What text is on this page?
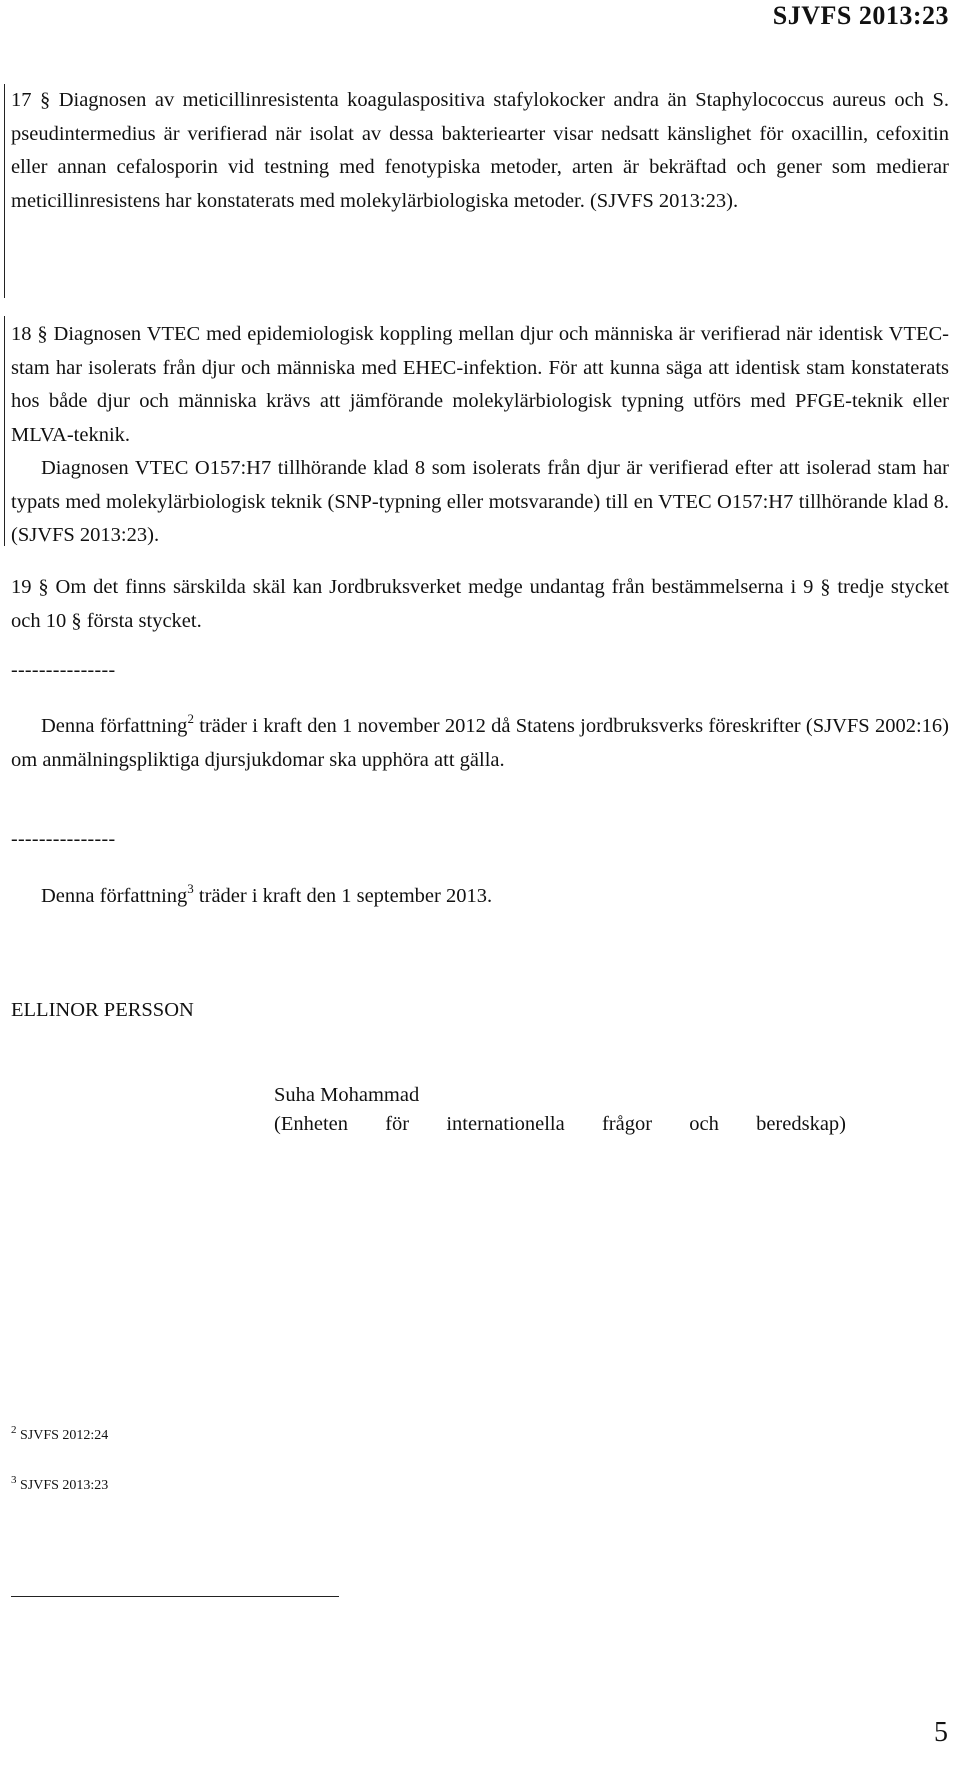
SJVFS 2013:23

17 § Diagnosen av meticillinresistenta koagulaspositiva stafylokocker andra än Staphylococcus aureus och S. pseudintermedius är verifierad när isolat av dessa bakteriearter visar nedsatt känslighet för oxacillin, cefoxitin eller annan cefalosporin vid testning med fenotypiska metoder, arten är bekräftad och gener som medierar meticillinresistens har konstaterats med molekylärbiologiska metoder. (SJVFS 2013:23).

18 § Diagnosen VTEC med epidemiologisk koppling mellan djur och människa är verifierad när identisk VTEC-stam har isolerats från djur och människa med EHEC-infektion. För att kunna säga att identisk stam konstaterats hos både djur och människa krävs att jämförande molekylärbiologisk typning utförs med PFGE-teknik eller MLVA-teknik.

Diagnosen VTEC O157:H7 tillhörande klad 8 som isolerats från djur är verifierad efter att isolerad stam har typats med molekylärbiologisk teknik (SNP-typning eller motsvarande) till en VTEC O157:H7 tillhörande klad 8. (SJVFS 2013:23).

19 § Om det finns särskilda skäl kan Jordbruksverket medge undantag från bestämmelserna i 9 § tredje stycket och 10 § första stycket.

---------------

Denna författning$^2$ träder i kraft den 1 november 2012 då Statens jordbruksverks föreskrifter (SJVFS 2002:16) om anmälningspliktiga djursjukdomar ska upphöra att gälla.

---------------

Denna författning$^3$ träder i kraft den 1 september 2013.

ELLINOR PERSSON
Suha Mohammad
(Enheten för internationella frågor och beredskap)
$^2$ SJVFS 2012:24
$^3$ SJVFS 2013:23
5
